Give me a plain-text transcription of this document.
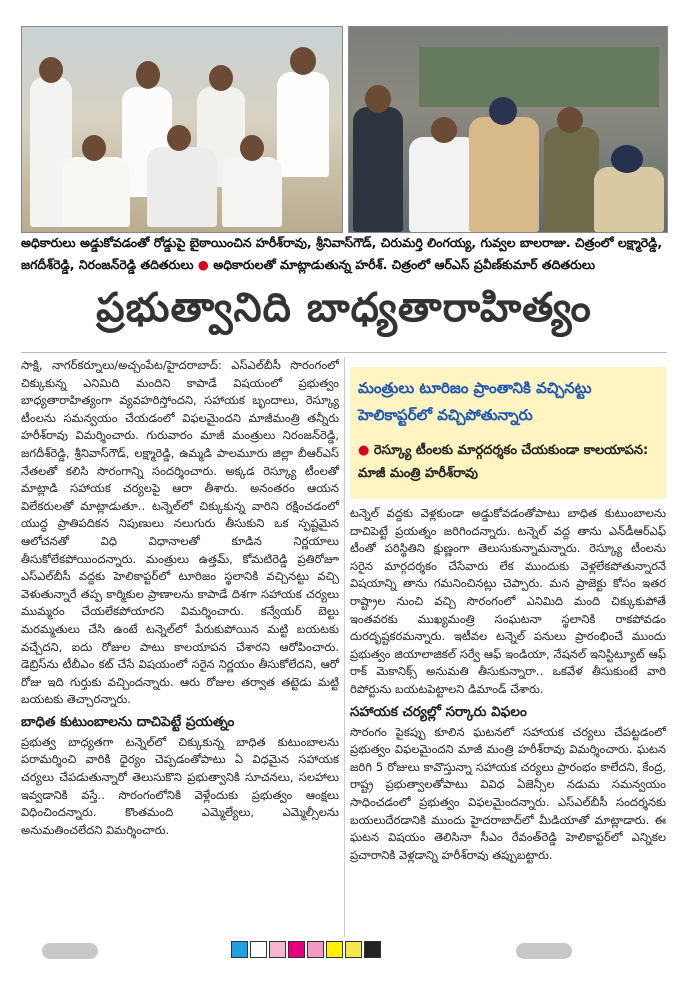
అధికారులు అడ్డుకోవడంతో రోడ్డుపై బైఠాయించిన హరీశ్‌రావు, శ్రీనివాస్‌గౌడ్, చిరుమర్తి లింగయ్య, గువ్వల బాలరాజు. చిత్రంలో లక్ష్మారెడ్డి, జగదీశ్‌రెడ్డి, నిరంజన్‌రెడ్డి తదితరులు ● అధికారులతో మాట్లాడుతున్న హరీశ్‌. చిత్రంలో ఆర్‌ఎస్‌ ప్రవీణ్‌కుమార్‌ తదితరులు
ప్రభుత్వానిది బాధ్యతారాహిత్యం

సాక్షి, నాగర్‌కర్నూలు/అచ్చంపేట/హైదరాబాద్‌: ఎస్‌ఎల్‌బీసీ సొరంగంలో చిక్కుకున్న ఎనిమిది మందిని కాపాడే విషయంలో ప్రభుత్వం బాధ్యతారాహిత్యంగా వ్యవహరిస్తోందని, సహాయక బృందాలు, రెస్క్యూ టీంలను సమన్వయం చేయడంలో విఫలమైందని మాజీమంత్రి తన్నీరు హరీశ్‌రావు విమర్శించారు. గురువారం మాజీ మంత్రులు నిరంజన్‌రెడ్డి, జగదీశ్‌రెడ్డి, శ్రీనివాస్‌గౌడ్, లక్ష్మారెడ్డి, ఉమ్మడి పాలమూరు జిల్లా బీఆర్‌ఎస్‌ నేతలతో కలిసి సొరంగాన్ని సందర్శించారు. అక్కడ రెస్క్యూ టీంలతో మాట్లాడి సహాయక చర్యలపై ఆరా తీశారు. అనంతరం ఆయన విలేకరులతో మాట్లాడుతూ.. టన్నెల్‌లో చిక్కుకున్న వారిని రక్షించడంలో యుద్ధ ప్రాతిపదికన నిపుణులు నలుగురు తీసుకుని ఒక స్పష్టమైన ఆలోచనతో విధి విధానాలతో కూడిన నిర్ణయాలు తీసుకోలేకపోయిందన్నారు. మంత్రులు ఉత్తమ్, కోమటిరెడ్డి ప్రతిరోజూ ఎస్‌ఎల్‌బీసీ వద్దకు హెలికాప్టర్‌లో టూరిజం స్థలానికి వచ్చినట్టు వచ్చి వెళుతున్నారే తప్ప కార్మికుల ప్రాణాలను కాపాడే దిశగా సహాయక చర్యలు ముమ్మరం చేయలేకపోయారని విమర్శించారు. కన్వేయర్‌ బెల్టు మరమ్మతులు చేసి ఉంటే టన్నెల్‌లో పేరుకుపోయిన మట్టి బయటకు వచ్చేదని, ఐదు రోజుల పాటు కాలయాపన చేశారని ఆరోపించారు. డెబ్రిస్‌ను టీబీఎం కట్‌ చేసే విషయంలో సరైన నిర్ణయం తీసుకోలేదని, ఆరో రోజు ఇది గుర్తుకు వచ్చిందన్నారు. ఆరు రోజుల తర్వాత తట్టెడు మట్టి బయటకు తెచ్చారన్నారు.

బాధిత కుటుంబాలను దాచిపెట్టే ప్రయత్నం

ప్రభుత్వ బాధ్యతగా టన్నెల్‌లో చిక్కుకున్న బాధిత కుటుంబాలను పరామర్శించి వారికి ధైర్యం చెప్పడంతోపాటు ఏ విధమైన సహాయక చర్యలు చేపడుతున్నారో తెలుసుకొని ప్రభుత్వానికి సూచనలు, సలహాలు ఇవ్వడానికి వస్తే.. సొరంగంలోనికి వెళ్లేందుకు ప్రభుత్వం ఆంక్షలు విధించిందన్నారు. కొంతమంది ఎమ్మెల్యేలు, ఎమ్మెల్సీలను అనుమతించలేదని విమర్శించారు.

మంత్రులు టూరిజం ప్రాంతానికి వచ్చినట్టు హెలికాప్టర్‌లో వచ్చిపోతున్నారు
● రెస్క్యూ టీంలకు మార్గదర్శకం చేయకుండా కాలయాపన: మాజీ మంత్రి హరీశ్‌రావు

టన్నెల్‌ వద్దకు వెళ్లకుండా అడ్డుకోవడంతోపాటు బాధిత కుటుంబాలను దాచిపెట్టే ప్రయత్నం జరిగిందన్నారు. టన్నెల్‌ వద్ద తాను ఎన్‌డీఆర్‌ఎఫ్‌ టీంతో పరిస్థితిని క్షుణ్ణంగా తెలుసుకున్నామన్నారు. రెస్క్యూ టీంలను సరైన మార్గదర్శకం చేసేవారు లేక ముందుకు వెళ్లలేకపోతున్నారనే విషయాన్ని తాను గమనించినట్లు చెప్పారు. మన ప్రాజెక్టు కోసం ఇతర రాష్ట్రాల నుంచి వచ్చి సొరంగంలో ఎనిమిది మంది చిక్కుకుపోతే ఇంతవరకు ముఖ్యమంత్రి సంఘటనా స్థలానికి రాకపోవడం దురదృష్టకరమన్నారు. ఇటీవల టన్నెల్‌ పనులు ప్రారంభించే ముందు ప్రభుత్వం జియాలాజికల్‌ సర్వే ఆఫ్‌ ఇండియా, నేషనల్‌ ఇనిస్టిట్యూట్‌ ఆఫ్‌ రాక్‌ మెకానిక్స్‌ అనుమతి తీసుకున్నారా.. ఒకవేళ తీసుకుంటే వారి రిపోర్టును బయటపెట్టాలని డిమాండ్‌ చేశారు.

సహాయక చర్యల్లో సర్కారు విఫలం

సొరంగం పైకప్పు కూలిన ఘటనలో సహాయక చర్యలు చేపట్టడంలో ప్రభుత్వం విఫలమైందని మాజీ మంత్రి హరీశ్‌రావు విమర్శించారు. ఘటన జరిగి 5 రోజులు కావొస్తున్నా సహాయక చర్యలు ప్రారంభం కాలేదని, కేంద్ర, రాష్ట్ర ప్రభుత్వాలతోపాటు వివిధ ఏజెన్సీల నడుమ సమన్వయం సాధించడంలో ప్రభుత్వం విఫలమైందన్నారు. ఎస్‌ఎల్‌బీసీ సందర్శనకు బయలుదేరడానికి ముందు హైదరాబాద్‌లో మీడియాతో మాట్లాడారు. ఈ ఘటన విషయం తెలిసినా సీఎం రేవంత్‌రెడ్డి హెలికాప్టర్‌లో ఎన్నికల ప్రచారానికి వెళ్లడాన్ని హరీశ్‌రావు తప్పుబట్టారు.
